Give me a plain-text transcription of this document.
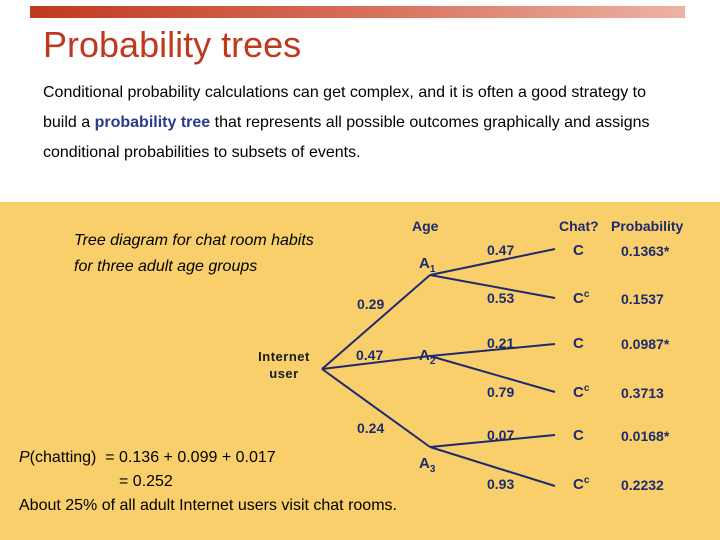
Probability trees
Conditional probability calculations can get complex, and it is often a good strategy to build a probability tree that represents all possible outcomes graphically and assigns conditional probabilities to subsets of events.
Tree diagram for chat room habits for three adult age groups
Internet
user
Age	Chat? Probability
0.29
$A_1$
0.47	C	0.1363*
0.53	$C^c$ 0.1537
0.47 $A_2$
0.21	C	0.0987*
0.79	$C^c$ 0.3713
0.24
$A_3$
0.07	C	0.0168*
0.93	$C^c$ 0.2232
P(chatting) = 0.136 + 0.099 + 0.017
= 0.252
About 25% of all adult Internet users visit chat rooms.
